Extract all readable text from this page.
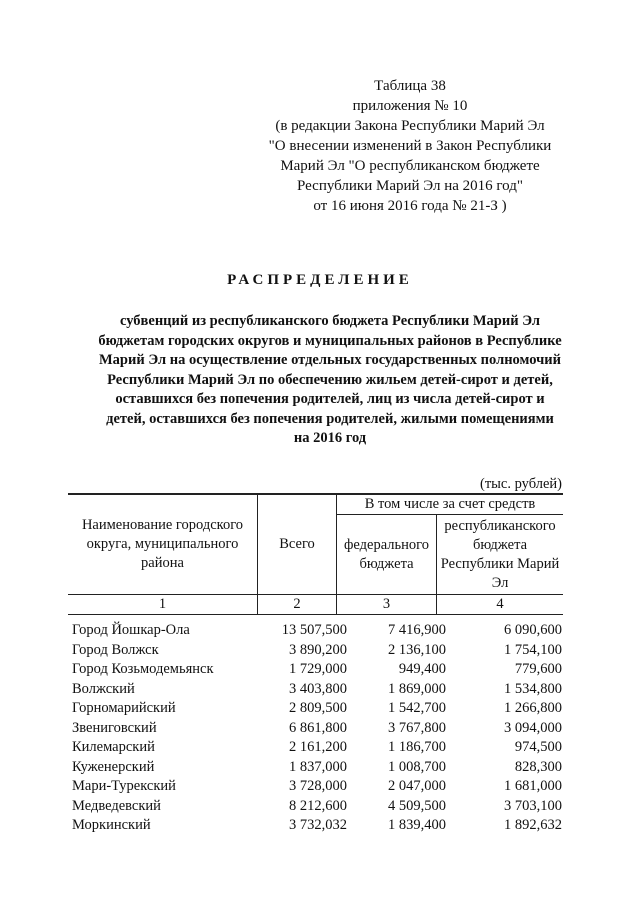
Таблица 38
приложения № 10
(в редакции Закона Республики Марий Эл
"О внесении изменений в Закон Республики
Марий Эл "О республиканском бюджете
Республики Марий Эл на 2016 год"
от 16 июня 2016 года № 21-З )
РАСПРЕДЕЛЕНИЕ
субвенций из республиканского бюджета Республики Марий Эл
бюджетам городских округов и муниципальных районов в Республике
Марий Эл на осуществление отдельных государственных полномочий
Республики Марий Эл по обеспечению жильем детей-сирот и детей,
оставшихся без попечения родителей, лиц из числа детей-сирот и
детей, оставшихся без попечения родителей, жилыми помещениями
на 2016 год
(тыс. рублей)
Наименование городского округа, муниципального района	Всего	В том числе за счет средств	
		федерального бюджета	республиканского бюджета Республики Марий Эл
1	2	3	4
Город Йошкар-Ола	13 507,500	7 416,900	6 090,600
Город Волжск	3 890,200	2 136,100	1 754,100
Город Козьмодемьянск	1 729,000	949,400	779,600
Волжский	3 403,800	1 869,000	1 534,800
Горномарийский	2 809,500	1 542,700	1 266,800
Звениговский	6 861,800	3 767,800	3 094,000
Килемарский	2 161,200	1 186,700	974,500
Куженерский	1 837,000	1 008,700	828,300
Мари-Турекский	3 728,000	2 047,000	1 681,000
Медведевский	8 212,600	4 509,500	3 703,100
Моркинский	3 732,032	1 839,400	1 892,632
